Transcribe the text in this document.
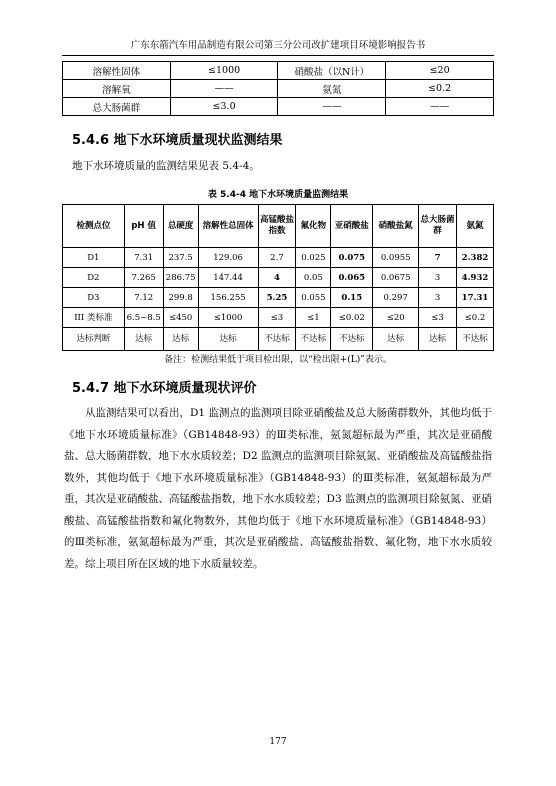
广东东箭汽车用品制造有限公司第三分公司改扩建项目环境影响报告书
溶解性固体	≤1000	硝酸盐（以N计）	≤20
溶解氧	——	氨氮	≤0.2
总大肠菌群	≤3.0	——	——
5.4.6 地下水环境质量现状监测结果

地下水环境质量的监测结果见表 5.4-4。

表 5.4-4 地下水环境质量监测结果
检测点位	pH 值	总硬度	溶解性总固体	高锰酸盐指数	氟化物	亚硝酸盐	硝酸盐氮	总大肠菌群	氨氮
D1	7.31	237.5	129.06	2.7	0.025	0.075	0.0955	7	2.382
D2	7.265	286.75	147.44	4	0.05	0.065	0.0675	3	4.932
D3	7.12	299.8	156.255	5.25	0.055	0.15	0.297	3	17.31
III 类标准	6.5~8.5	≤450	≤1000	≤3	≤1	≤0.02	≤20	≤3	≤0.2
达标判断	达标	达标	达标	不达标	不达标	不达标	达标	达标	不达标
备注：检测结果低于项目检出限，以“检出限+(L)”表示。
5.4.7 地下水环境质量现状评价

  从监测结果可以看出，D1 监测点的监测项目除亚硝酸盐及总大肠菌群数外，其他均低于《地下水环境质量标准》（GB14848-93）的Ⅲ类标准，氨氮超标最为严重，其次是亚硝酸盐、总大肠菌群数，地下水水质较差；D2 监测点的监测项目除氨氮、亚硝酸盐及高锰酸盐指数外，其他均低于《地下水环境质量标准》（GB14848-93）的Ⅲ类标准，氨氮超标最为严重，其次是亚硝酸盐、高锰酸盐指数，地下水水质较差；D3 监测点的监测项目除氨氮、亚硝酸盐、高锰酸盐指数和氟化物数外，其他均低于《地下水环境质量标准》（GB14848-93）的Ⅲ类标准，氨氮超标最为严重，其次是亚硝酸盐、高锰酸盐指数、氟化物，地下水水质较差。综上项目所在区域的地下水质量较差。

177
